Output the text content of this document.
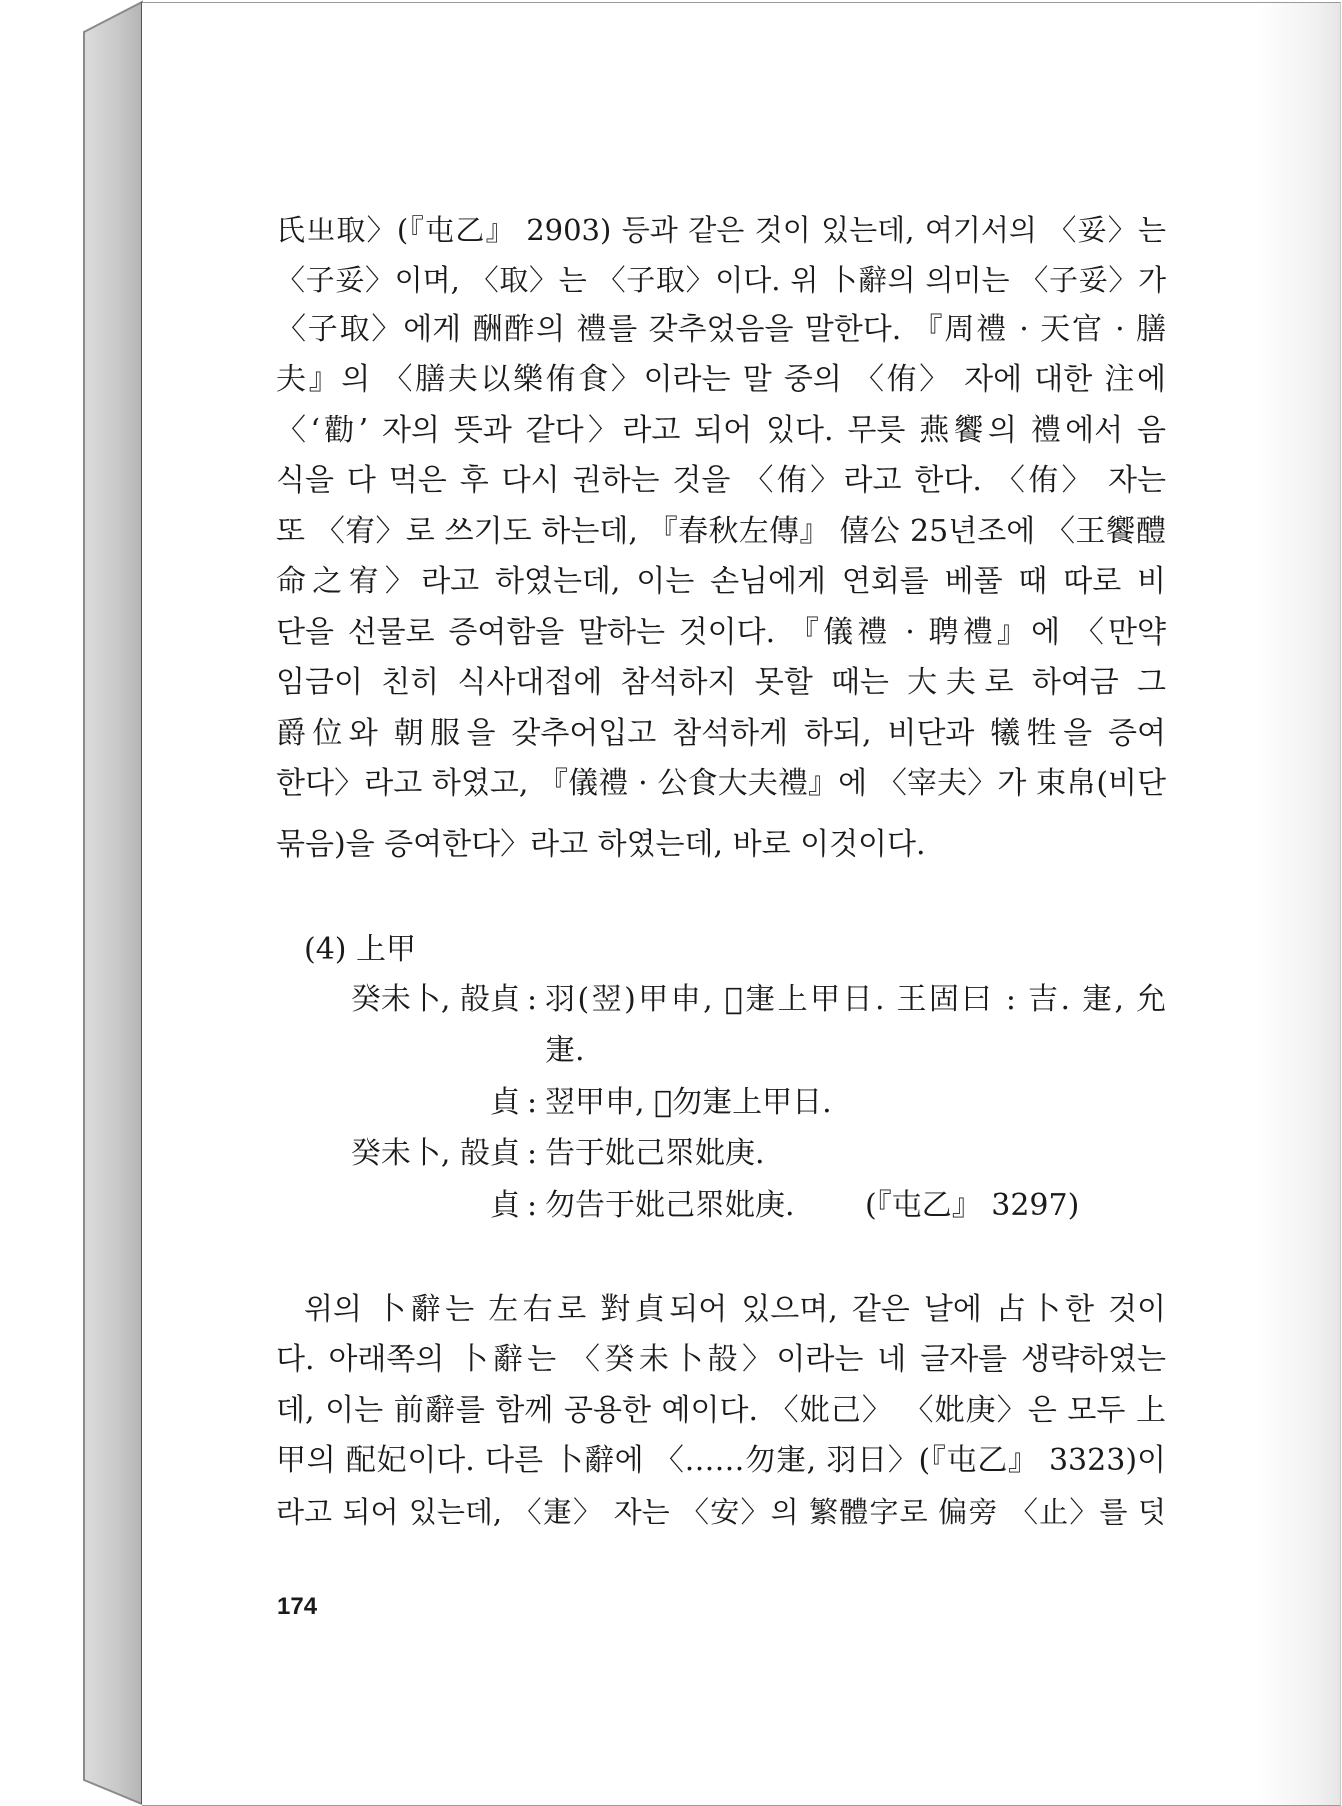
氏㞢取〉(『屯乙』 2903) 등과 같은 것이 있는데, 여기서의 〈妥〉는
〈子妥〉이며, 〈取〉는 〈子取〉이다. 위 卜辭의 의미는 〈子妥〉가
〈子取〉에게 酬酢의 禮를 갖추었음을 말한다. 『周禮 · 天官 · 膳
夫』의 〈膳夫以樂侑食〉이라는 말 중의 〈侑〉 자에 대한 注에
〈‘勸’ 자의 뜻과 같다〉라고 되어 있다. 무릇 燕饗의 禮에서 음
식을 다 먹은 후 다시 권하는 것을 〈侑〉라고 한다. 〈侑〉 자는
또 〈宥〉로 쓰기도 하는데, 『春秋左傳』 僖公 25년조에 〈王饗醴
命之宥〉라고 하였는데, 이는 손님에게 연회를 베풀 때 따로 비
단을 선물로 증여함을 말하는 것이다. 『儀禮 · 聘禮』에 〈만약
임금이 친히 식사대접에 참석하지 못할 때는 大夫로 하여금 그
爵位와 朝服을 갖추어입고 참석하게 하되, 비단과 犧牲을 증여
한다〉라고 하였고, 『儀禮 · 公食大夫禮』에 〈宰夫〉가 束帛(비단
묶음)을 증여한다〉라고 하였는데, 바로 이것이다.
(4) 上甲
癸未卜, 㱿貞 : 羽(翌)甲申, 𠫑寁上甲日. 王固曰 : 吉. 寁, 允
寁.
貞 : 翌甲申, 𠫑勿寁上甲日.
癸未卜, 㱿貞 : 告于妣己眔妣庚.
貞 : 勿告于妣己眔妣庚. (『屯乙』 3297)
위의 卜辭는 左右로 對貞되어 있으며, 같은 날에 占卜한 것이
다. 아래쪽의 卜辭는 〈癸未卜㱿〉이라는 네 글자를 생략하였는
데, 이는 前辭를 함께 공용한 예이다. 〈妣己〉 〈妣庚〉은 모두 上
甲의 配妃이다. 다른 卜辭에 〈……勿寁, 羽日〉(『屯乙』 3323)이
라고 되어 있는데, 〈寁〉 자는 〈安〉의 繁體字로 偏旁 〈止〉를 덧
174
